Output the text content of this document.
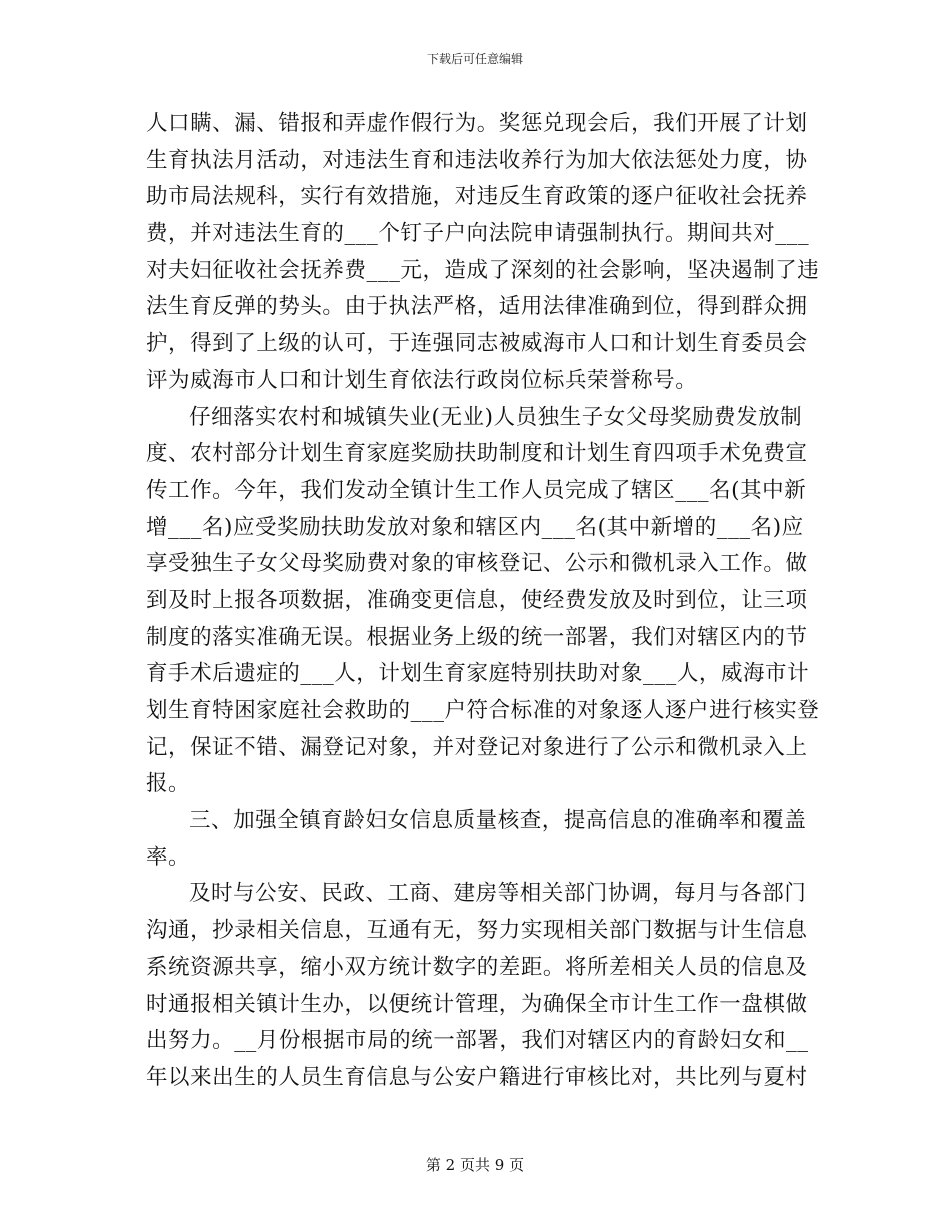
下载后可任意编辑
人口瞒、漏、错报和弄虚作假行为。奖惩兑现会后，我们开展了计划
生育执法月活动，对违法生育和违法收养行为加大依法惩处力度，协
助市局法规科，实行有效措施，对违反生育政策的逐户征收社会抚养
费，并对违法生育的___个钉子户向法院申请强制执行。期间共对___
对夫妇征收社会抚养费___元，造成了深刻的社会影响，坚决遏制了违
法生育反弹的势头。由于执法严格，适用法律准确到位，得到群众拥
护，得到了上级的认可，于连强同志被威海市人口和计划生育委员会
评为威海市人口和计划生育依法行政岗位标兵荣誉称号。
仔细落实农村和城镇失业(无业)人员独生子女父母奖励费发放制
度、农村部分计划生育家庭奖励扶助制度和计划生育四项手术免费宣
传工作。今年，我们发动全镇计生工作人员完成了辖区___名(其中新
增___名)应受奖励扶助发放对象和辖区内___名(其中新增的___名)应
享受独生子女父母奖励费对象的审核登记、公示和微机录入工作。做
到及时上报各项数据，准确变更信息，使经费发放及时到位，让三项
制度的落实准确无误。根据业务上级的统一部署，我们对辖区内的节
育手术后遗症的___人，计划生育家庭特别扶助对象___人，威海市计
划生育特困家庭社会救助的___户符合标准的对象逐人逐户进行核实登
记，保证不错、漏登记对象，并对登记对象进行了公示和微机录入上
报。
三、加强全镇育龄妇女信息质量核查，提高信息的准确率和覆盖
率。
及时与公安、民政、工商、建房等相关部门协调，每月与各部门
沟通，抄录相关信息，互通有无，努力实现相关部门数据与计生信息
系统资源共享，缩小双方统计数字的差距。将所差相关人员的信息及
时通报相关镇计生办，以便统计管理，为确保全市计生工作一盘棋做
出努力。__月份根据市局的统一部署，我们对辖区内的育龄妇女和__
年以来出生的人员生育信息与公安户籍进行审核比对，共比列与夏村
第 2 页共 9 页
